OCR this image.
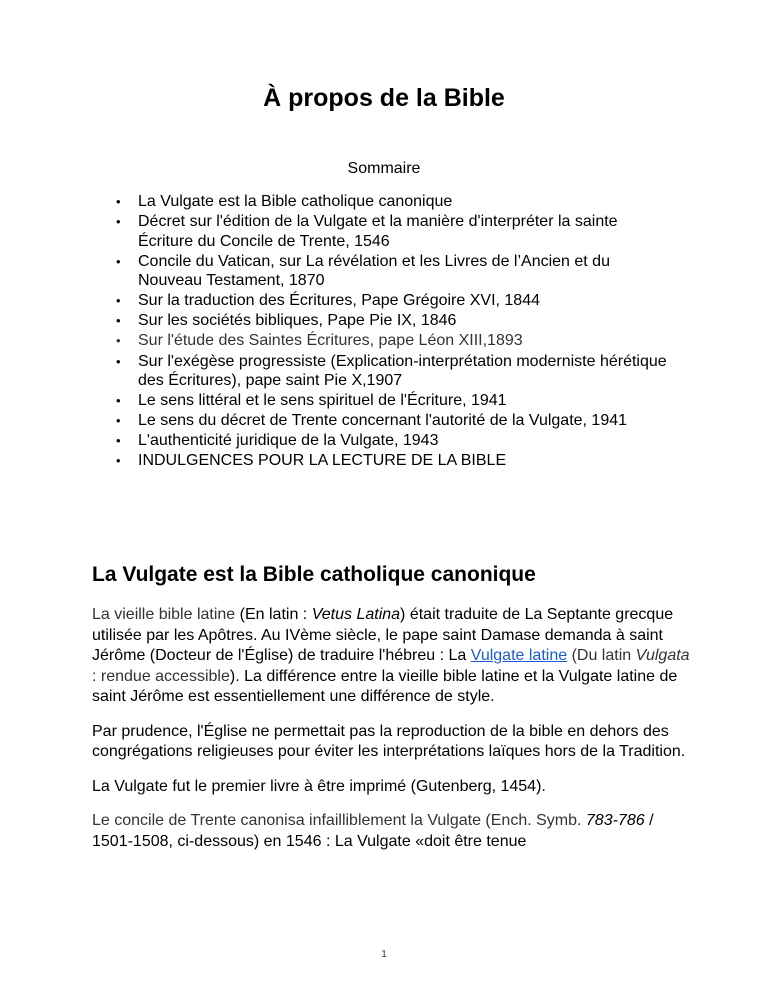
À propos de la Bible
Sommaire
• La Vulgate est la Bible catholique canonique
• Décret sur l'édition de la Vulgate et la manière d'interpréter la sainte Écriture du Concile de Trente, 1546
• Concile du Vatican, sur La révélation et les Livres de l’Ancien et du Nouveau Testament, 1870
• Sur la traduction des Écritures, Pape Grégoire XVI, 1844
• Sur les sociétés bibliques, Pape Pie IX, 1846
• Sur l'étude des Saintes Écritures, pape Léon XIII,1893
• Sur l'exégèse progressiste (Explication-interprétation moderniste hérétique des Écritures), pape saint Pie X,1907
• Le sens littéral et le sens spirituel de l'Écriture, 1941
• Le sens du décret de Trente concernant l'autorité de la Vulgate, 1941
• L'authenticité juridique de la Vulgate, 1943
• INDULGENCES POUR LA LECTURE DE LA BIBLE
La Vulgate est la Bible catholique canonique

La vieille bible latine (En latin : Vetus Latina) était traduite de La Septante grecque utilisée par les Apôtres. Au IVème siècle, le pape saint Damase demanda à saint Jérôme (Docteur de l'Église) de traduire l'hébreu : La Vulgate latine (Du latin Vulgata : rendue accessible). La différence entre la vieille bible latine et la Vulgate latine de saint Jérôme est essentiellement une différence de style.

Par prudence, l'Église ne permettait pas la reproduction de la bible en dehors des congrégations religieuses pour éviter les interprétations laïques hors de la Tradition.

La Vulgate fut le premier livre à être imprimé (Gutenberg, 1454).

Le concile de Trente canonisa infailliblement la Vulgate (Ench. Symb. 783-786 / 1501-1508, ci-dessous) en 1546 : La Vulgate «doit être tenue

1
